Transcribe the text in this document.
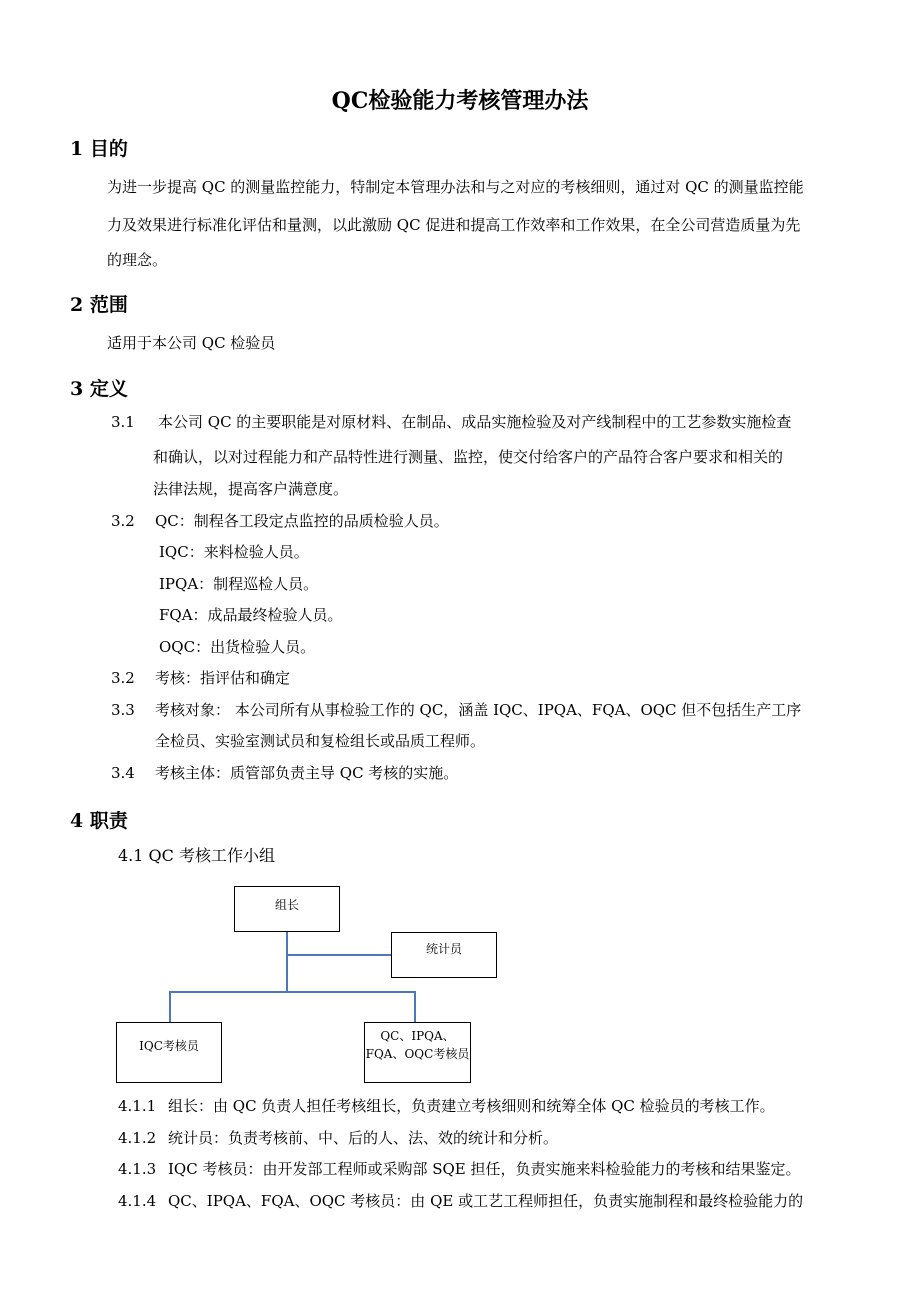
QC检验能力考核管理办法
1 目的
为进一步提高 QC 的测量监控能力，特制定本管理办法和与之对应的考核细则，通过对 QC 的测量监控能
力及效果进行标准化评估和量测，以此激励 QC 促进和提高工作效率和工作效果，在全公司营造质量为先
的理念。
2 范围
适用于本公司 QC 检验员
3 定义
3.1 本公司 QC 的主要职能是对原材料、在制品、成品实施检验及对产线制程中的工艺参数实施检查
和确认，以对过程能力和产品特性进行测量、监控，使交付给客户的产品符合客户要求和相关的
法律法规，提高客户满意度。
3.2 QC：制程各工段定点监控的品质检验人员。
IQC：来料检验人员。
IPQA：制程巡检人员。
FQA：成品最终检验人员。
OQC：出货检验人员。
3.2 考核：指评估和确定
3.3 考核对象： 本公司所有从事检验工作的 QC，涵盖 IQC、IPQA、FQA、OQC 但不包括生产工序
全检员、实验室测试员和复检组长或品质工程师。
3.4 考核主体：质管部负责主导 QC 考核的实施。
4 职责
4.1 QC 考核工作小组
组长
统计员
IQC考核员
QC、IPQA、
FQA、OQC考核员
4.1.1 组长：由 QC 负责人担任考核组长，负责建立考核细则和统筹全体 QC 检验员的考核工作。
4.1.2 统计员：负责考核前、中、后的人、法、效的统计和分析。
4.1.3 IQC 考核员：由开发部工程师或采购部 SQE 担任，负责实施来料检验能力的考核和结果鉴定。
4.1.4 QC、IPQA、FQA、OQC 考核员：由 QE 或工艺工程师担任，负责实施制程和最终检验能力的
